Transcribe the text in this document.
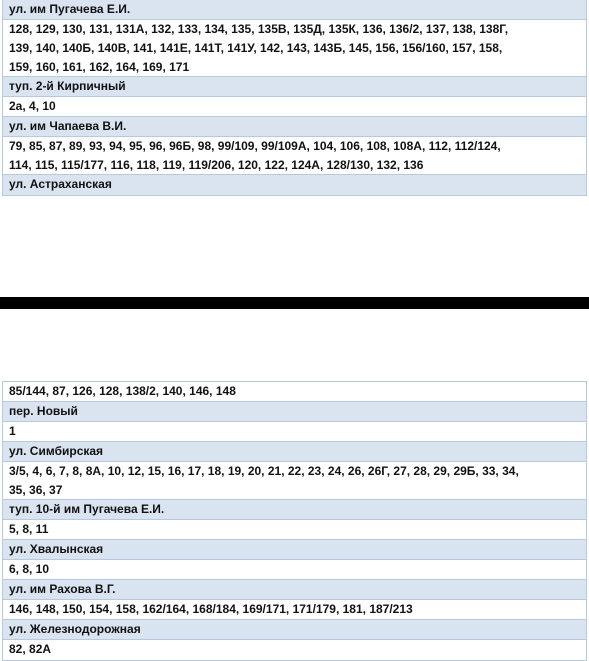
ул. им Пугачева Е.И.
128, 129, 130, 131, 131А, 132, 133, 134, 135, 135В, 135Д, 135К, 136, 136/2, 137, 138, 138Г,
139, 140, 140Б, 140В, 141, 141Е, 141Т, 141У, 142, 143, 143Б, 145, 156, 156/160, 157, 158,
159, 160, 161, 162, 164, 169, 171
туп. 2-й Кирпичный
2а, 4, 10
ул. им Чапаева В.И.
79, 85, 87, 89, 93, 94, 95, 96, 96Б, 98, 99/109, 99/109А, 104, 106, 108, 108А, 112, 112/124,
114, 115, 115/177, 116, 118, 119, 119/206, 120, 122, 124А, 128/130, 132, 136
ул. Астраханская
85/144, 87, 126, 128, 138/2, 140, 146, 148
пер. Новый
1
ул. Симбирская
3/5, 4, 6, 7, 8, 8А, 10, 12, 15, 16, 17, 18, 19, 20, 21, 22, 23, 24, 26, 26Г, 27, 28, 29, 29Б, 33, 34,
35, 36, 37
туп. 10-й им Пугачева Е.И.
5, 8, 11
ул. Хвалынская
6, 8, 10
ул. им Рахова В.Г.
146, 148, 150, 154, 158, 162/164, 168/184, 169/171, 171/179, 181, 187/213
ул. Железнодорожная
82, 82А
